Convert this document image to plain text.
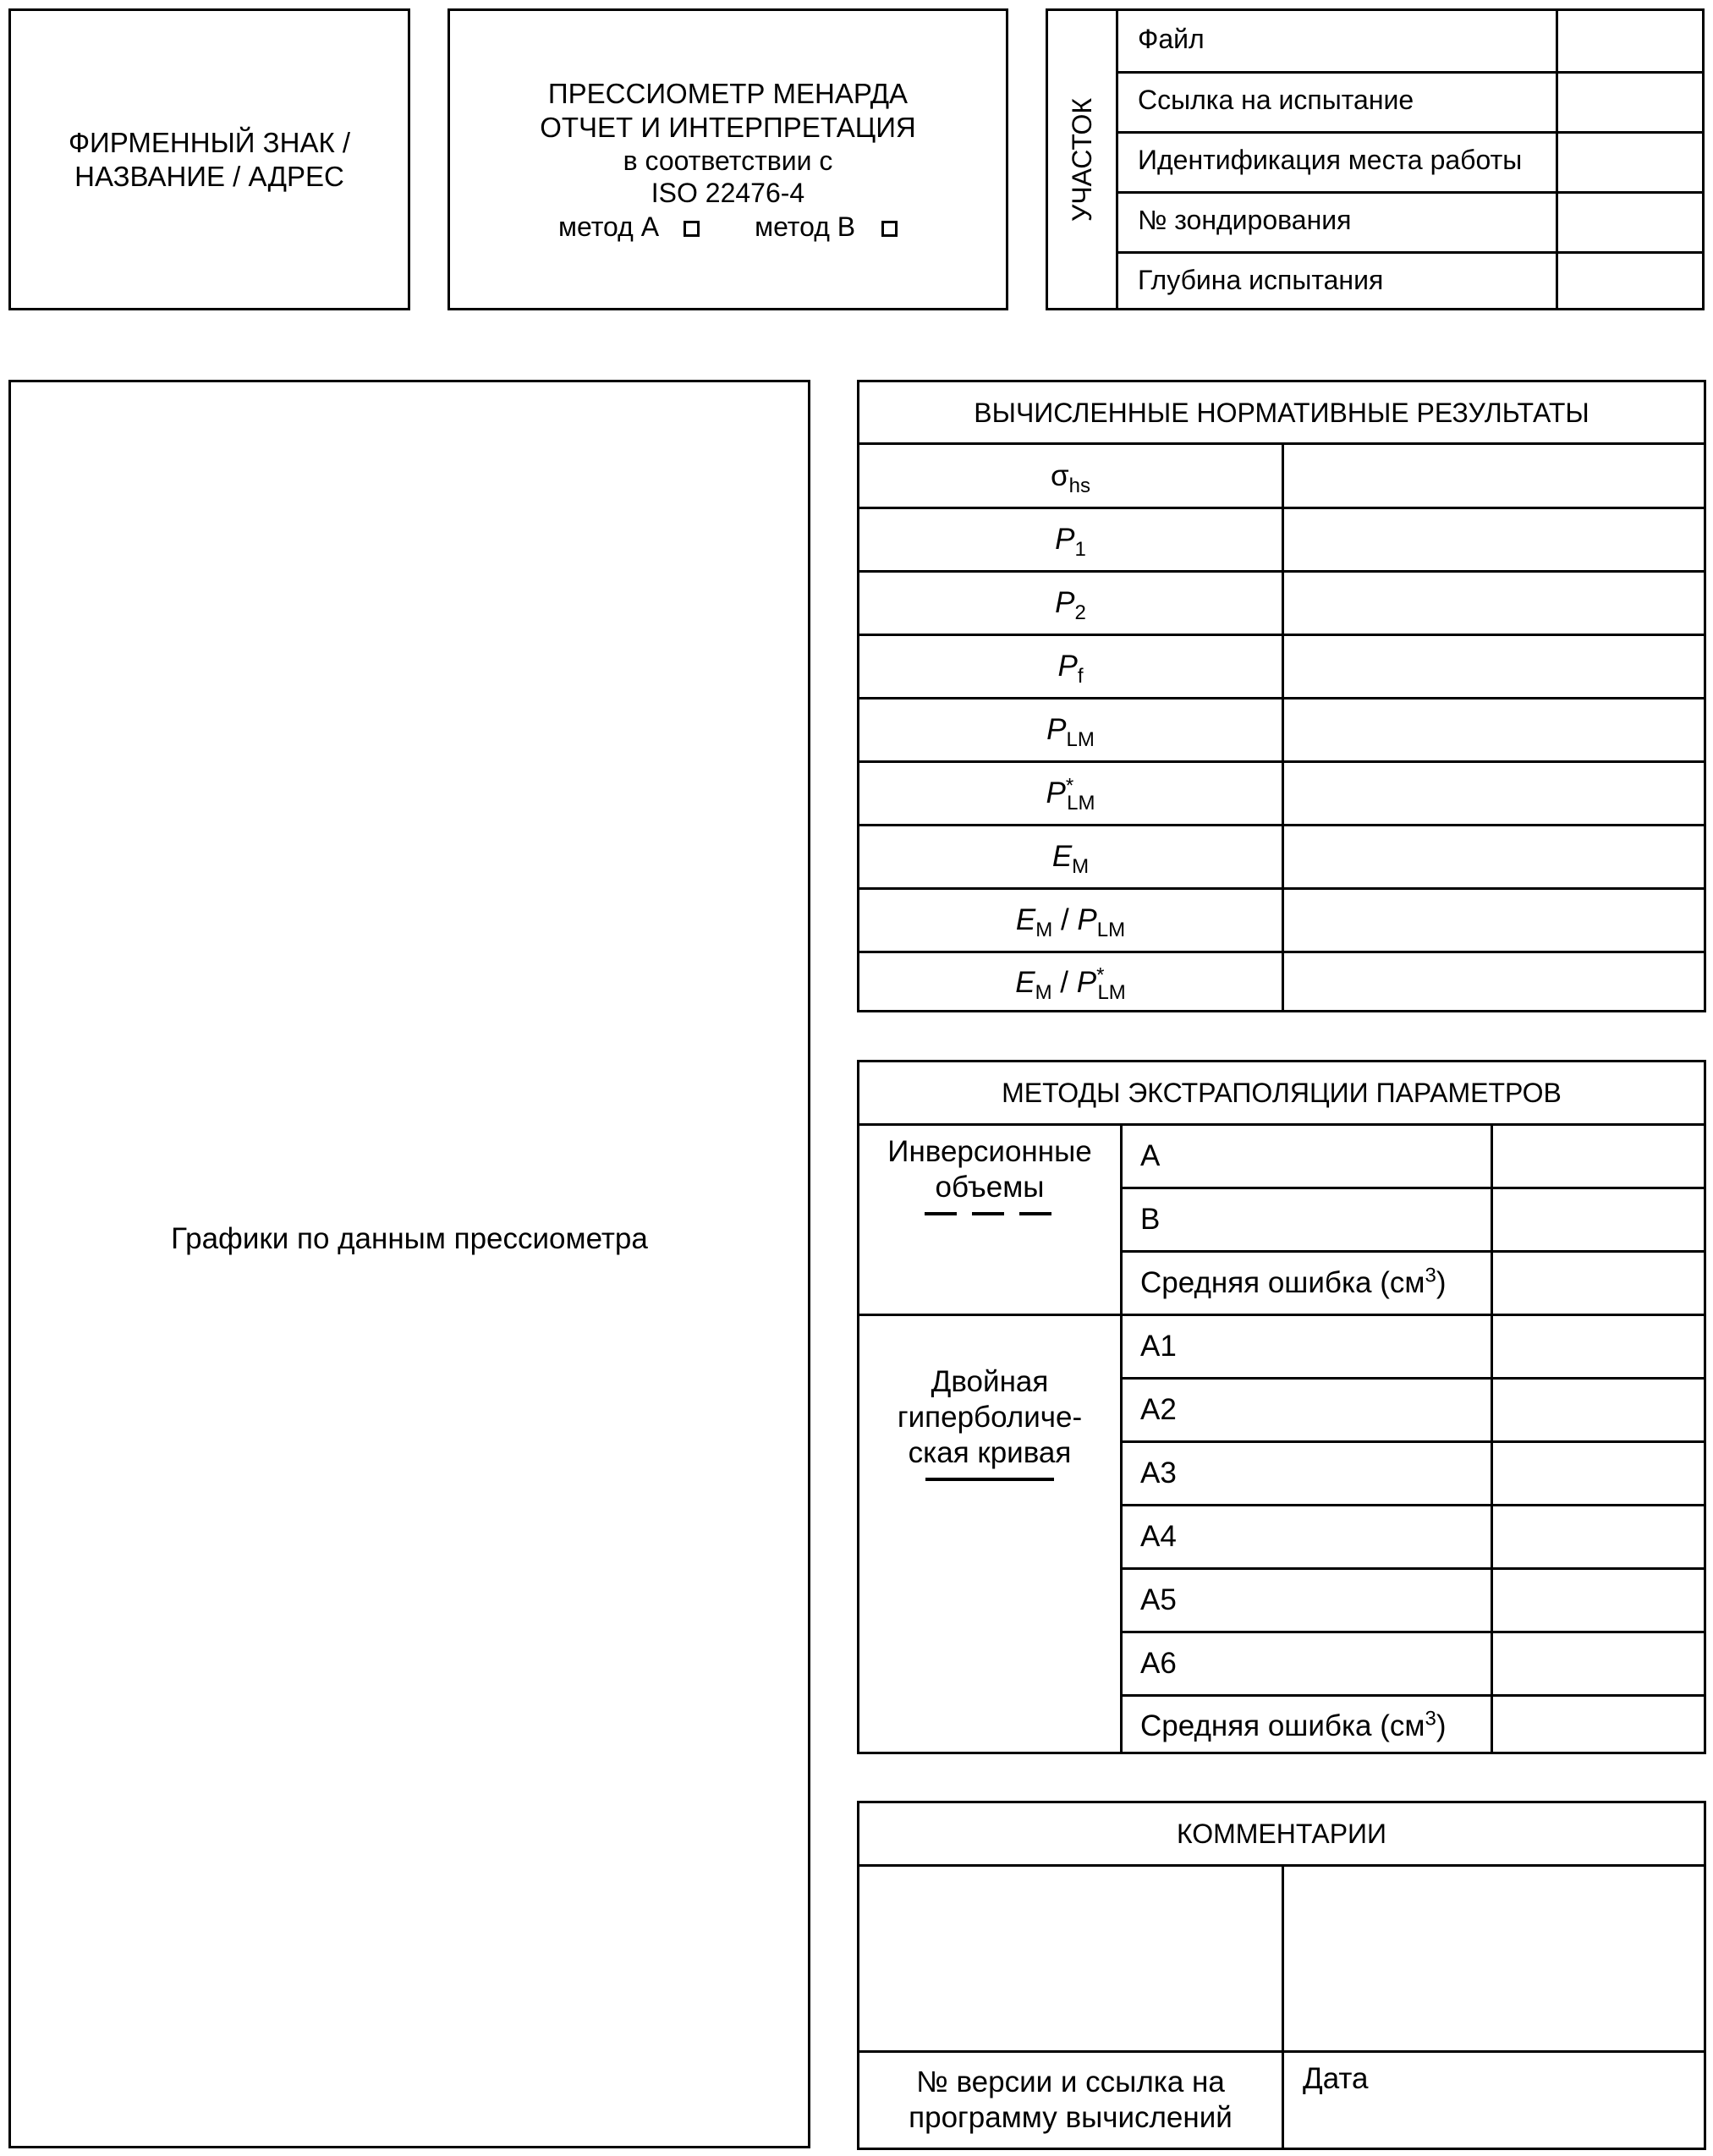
ФИРМЕННЫЙ ЗНАК /
НАЗВАНИЕ / АДРЕС
ПРЕССИОМЕТР МЕНАРДА
ОТЧЕТ И ИНТЕРПРЕТАЦИЯ
в соответствии с
ISO 22476-4
метод A	метод B
УЧАСТОК
Файл
Ссылка на испытание
Идентификация места работы
№ зондирования
Глубина испытания
Графики по данным прессиометра
ВЫЧИСЛЕННЫЕ НОРМАТИВНЫЕ РЕЗУЛЬТАТЫ
$\sigma_{hs}$
$P_1$
$P_2$
$P_f$
$P_{LM}$
$P^*_{LM}$
$E_M$
$E_M / P_{LM}$
$E_M / P^*_{LM}$
МЕТОДЫ ЭКСТРАПОЛЯЦИИ ПАРАМЕТРОВ
Инверсионные
объемы
A
B
Средняя ошибка $(см^3)$
Двойная
гиперболиче-
ская кривая
A1
A2
A3
A4
A5
A6
Средняя ошибка $(см^3)$
КОММЕНТАРИИ
№ версии и ссылка на
программу вычислений
Дата
